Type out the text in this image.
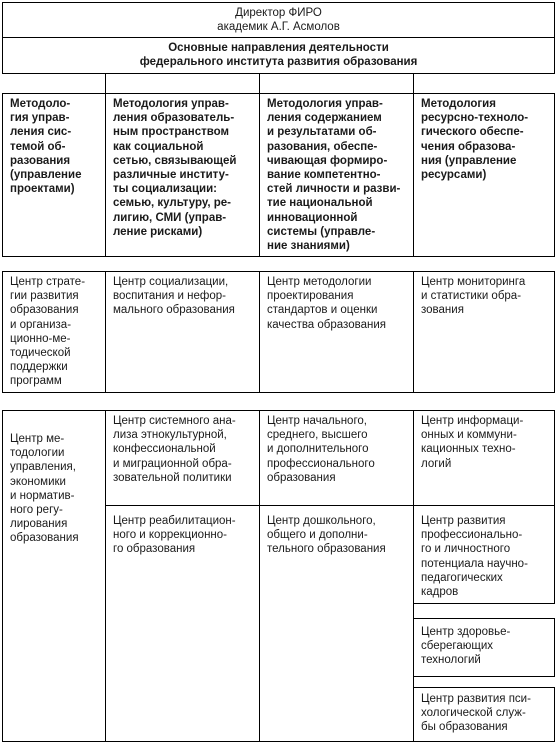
Директор ФИРО
академик А.Г. Асмолов
Основные направления деятельности
федерального института развития образования
Методоло-
гия управ-
ления сис-
темой об-
разования
(управление
проектами)
Методология управ-
ления образователь-
ным пространством
как социальной
сетью, связывающей
различные институ-
ты социализации:
семью, культуру, ре-
лигию, СМИ (управ-
ление рисками)
Методология управ-
ления содержанием
и результатами об-
разования, обеспе-
чивающая формиро-
вание компетентно-
стей личности и разви-
тие национальной
инновационной
системы (управле-
ние знаниями)
Методология
ресурсно-техноло-
гического обеспе-
чения образова-
ния (управление
ресурсами)
Центр страте-
гии развития
образования
и организа-
ционно-ме-
тодической
поддержки
программ
Центр ме-
тодологии
управления,
экономики
и норматив-
ного регу-
лирования
образования
Центр социализации,
воспитания и нефор-
мального образования
Центр системного ана-
лиза этнокультурной,
конфессиональной
и миграционной обра-
зовательной политики
Центр реабилитацион-
ного и коррекционно-
го образования
Центр методологии
проектирования
стандартов и оценки
качества образования
Центр начального,
среднего, высшего
и дополнительного
профессионального
образования
Центр дошкольного,
общего и дополни-
тельного образования
Центр мониторинга
и статистики обра-
зования
Центр информаци-
онных и коммуни-
кационных техно-
логий
Центр развития
профессионально-
го и личностного
потенциала научно-
педагогических
кадров
Центр здоровье-
сберегающих
технологий
Центр развития пси-
хологической служ-
бы образования
